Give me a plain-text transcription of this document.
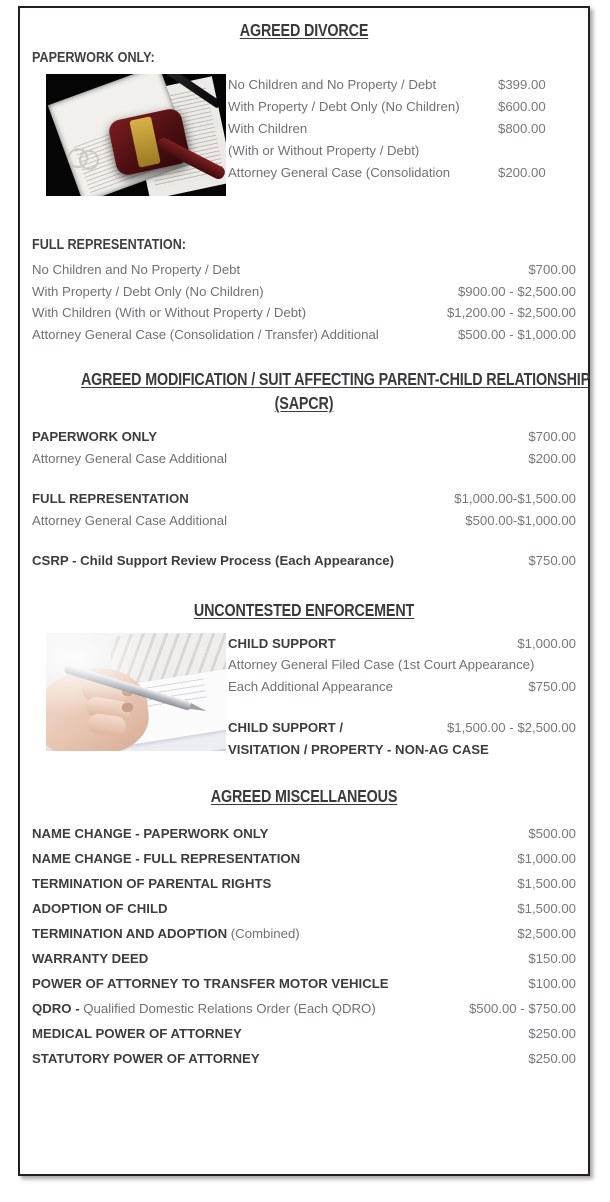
AGREED DIVORCE
PAPERWORK ONLY:
No Children and No Property / Debt	$399.00
With Property / Debt Only (No Children)	$600.00
With Children	$800.00
(With or Without Property / Debt)
Attorney General Case (Consolidation	$200.00
FULL REPRESENTATION:
No Children and No Property / Debt	$700.00
With Property / Debt Only (No Children)	$900.00 - $2,500.00
With Children (With or Without Property / Debt)	$1,200.00 - $2,500.00
Attorney General Case (Consolidation / Transfer) Additional	$500.00 - $1,000.00
AGREED MODIFICATION / SUIT AFFECTING PARENT-CHILD RELATIONSHIP
(SAPCR)
PAPERWORK ONLY	$700.00
Attorney General Case Additional	$200.00
FULL REPRESENTATION	$1,000.00-$1,500.00
Attorney General Case Additional	$500.00-$1,000.00
CSRP - Child Support Review Process (Each Appearance)	$750.00
UNCONTESTED ENFORCEMENT
CHILD SUPPORT	$1,000.00
Attorney General Filed Case (1st Court Appearance)
Each Additional Appearance	$750.00
CHILD SUPPORT /	$1,500.00 - $2,500.00
VISITATION / PROPERTY - NON-AG CASE
AGREED MISCELLANEOUS
NAME CHANGE - PAPERWORK ONLY	$500.00
NAME CHANGE - FULL REPRESENTATION	$1,000.00
TERMINATION OF PARENTAL RIGHTS	$1,500.00
ADOPTION OF CHILD	$1,500.00
TERMINATION AND ADOPTION (Combined)	$2,500.00
WARRANTY DEED	$150.00
POWER OF ATTORNEY TO TRANSFER MOTOR VEHICLE	$100.00
QDRO - Qualified Domestic Relations Order (Each QDRO)	$500.00 - $750.00
MEDICAL POWER OF ATTORNEY	$250.00
STATUTORY POWER OF ATTORNEY	$250.00
